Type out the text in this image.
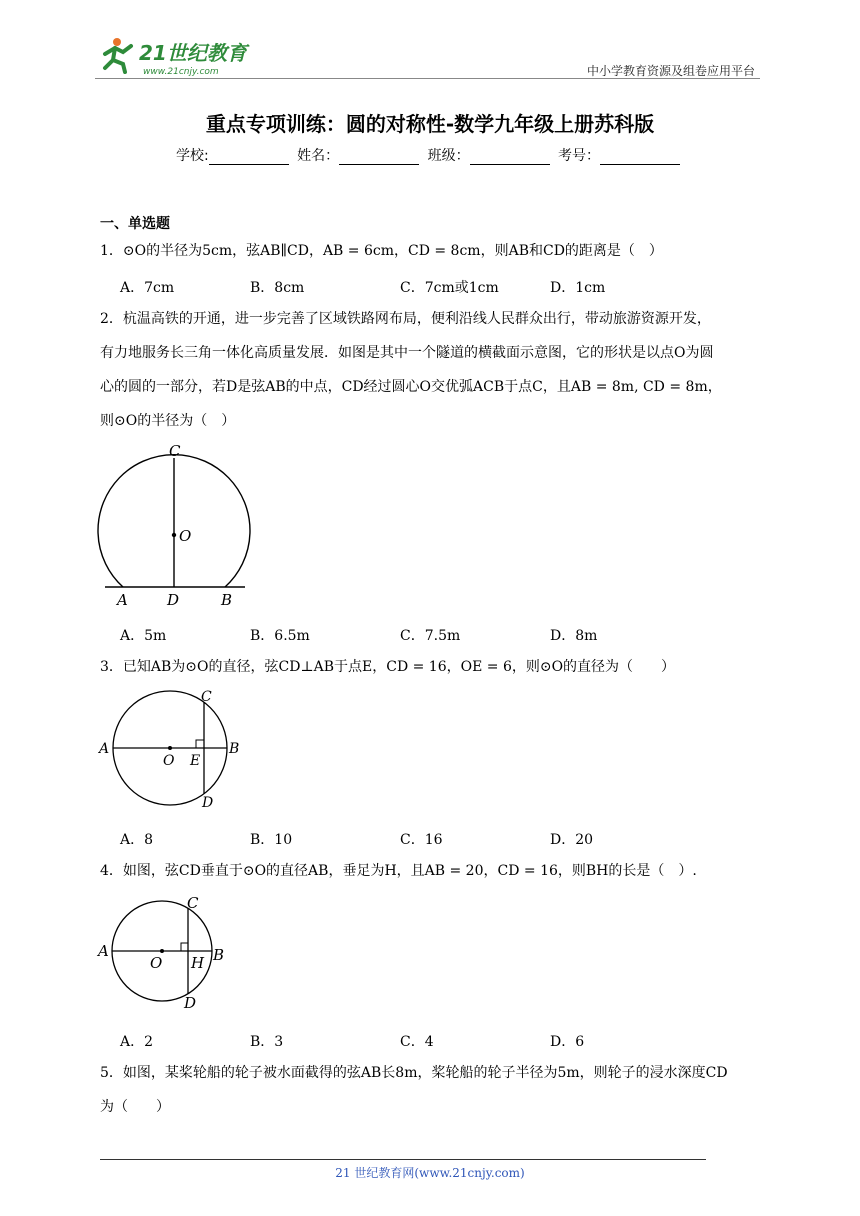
21世纪教育
www.21cnjy.com	中小学教育资源及组卷应用平台
重点专项训练：圆的对称性-数学九年级上册苏科版
学校:	姓名：	班级：	考号：
一、单选题
1．⊙O的半径为5cm，弦AB∥CD，AB = 6cm，CD = 8cm，则AB和CD的距离是（　）
A．7cm	B．8cm	C．7cm或1cm	D．1cm
2．杭温高铁的开通，进一步完善了区域铁路网布局，便利沿线人民群众出行，带动旅游资源开发，
有力地服务长三角一体化高质量发展．如图是其中一个隧道的横截面示意图，它的形状是以点O为圆
心的圆的一部分，若D是弦AB的中点，CD经过圆心O交优弧ACB于点C，且AB = 8m, CD = 8m，
则⊙O的半径为（　）
C
O
A	D	B
A．5m	B．6.5m	C．7.5m	D．8m
3．已知AB为⊙O的直径，弦CD⊥AB于点E，CD = 16，OE = 6，则⊙O的直径为（　　）
C
A
O E
B
D
A．8	B．10	C．16	D．20
4．如图，弦CD垂直于⊙O的直径AB，垂足为H，且AB = 20，CD = 16，则BH的长是（　）.
C
A
O H B
D
A．2	B．3	C．4	D．6
5．如图，某桨轮船的轮子被水面截得的弦AB长8m，桨轮船的轮子半径为5m，则轮子的浸水深度CD
为（　　）
21 世纪教育网(www.21cnjy.com)
